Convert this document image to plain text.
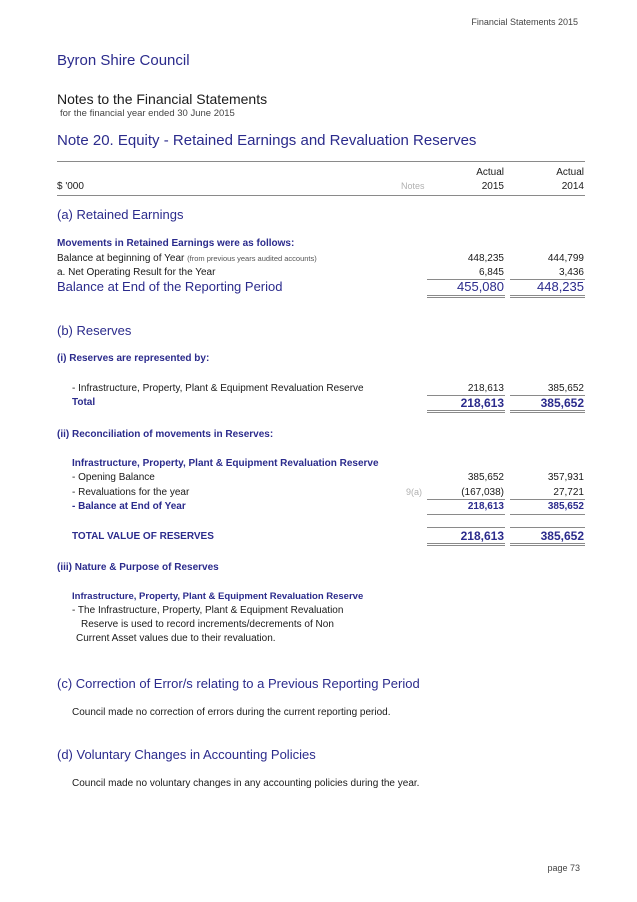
Financial Statements 2015
Byron Shire Council
Notes to the Financial Statements
for the financial year ended 30 June 2015
Note 20. Equity - Retained Earnings and Revaluation Reserves
Actual	Actual
$ '000	Notes	2015	2014
(a) Retained Earnings
Movements in Retained Earnings were as follows:
Balance at beginning of Year (from previous years audited accounts)	448,235	444,799
a. Net Operating Result for the Year	6,845	3,436
Balance at End of the Reporting Period	455,080	448,235
(b) Reserves
(i) Reserves are represented by:
- Infrastructure, Property, Plant & Equipment Revaluation Reserve	218,613	385,652
Total	218,613	385,652
(ii) Reconciliation of movements in Reserves:
Infrastructure, Property, Plant & Equipment Revaluation Reserve
- Opening Balance	385,652	357,931
- Revaluations for the year	9(a)	(167,038)	27,721
- Balance at End of Year	218,613	385,652
TOTAL VALUE OF RESERVES	218,613	385,652
(iii) Nature & Purpose of Reserves
Infrastructure, Property, Plant & Equipment Revaluation Reserve
- The Infrastructure, Property, Plant & Equipment Revaluation
Reserve is used to record increments/decrements of Non
Current Asset values due to their revaluation.
(c) Correction of Error/s relating to a Previous Reporting Period
Council made no correction of errors during the current reporting period.
(d) Voluntary Changes in Accounting Policies
Council made no voluntary changes in any accounting policies during the year.
page 73
